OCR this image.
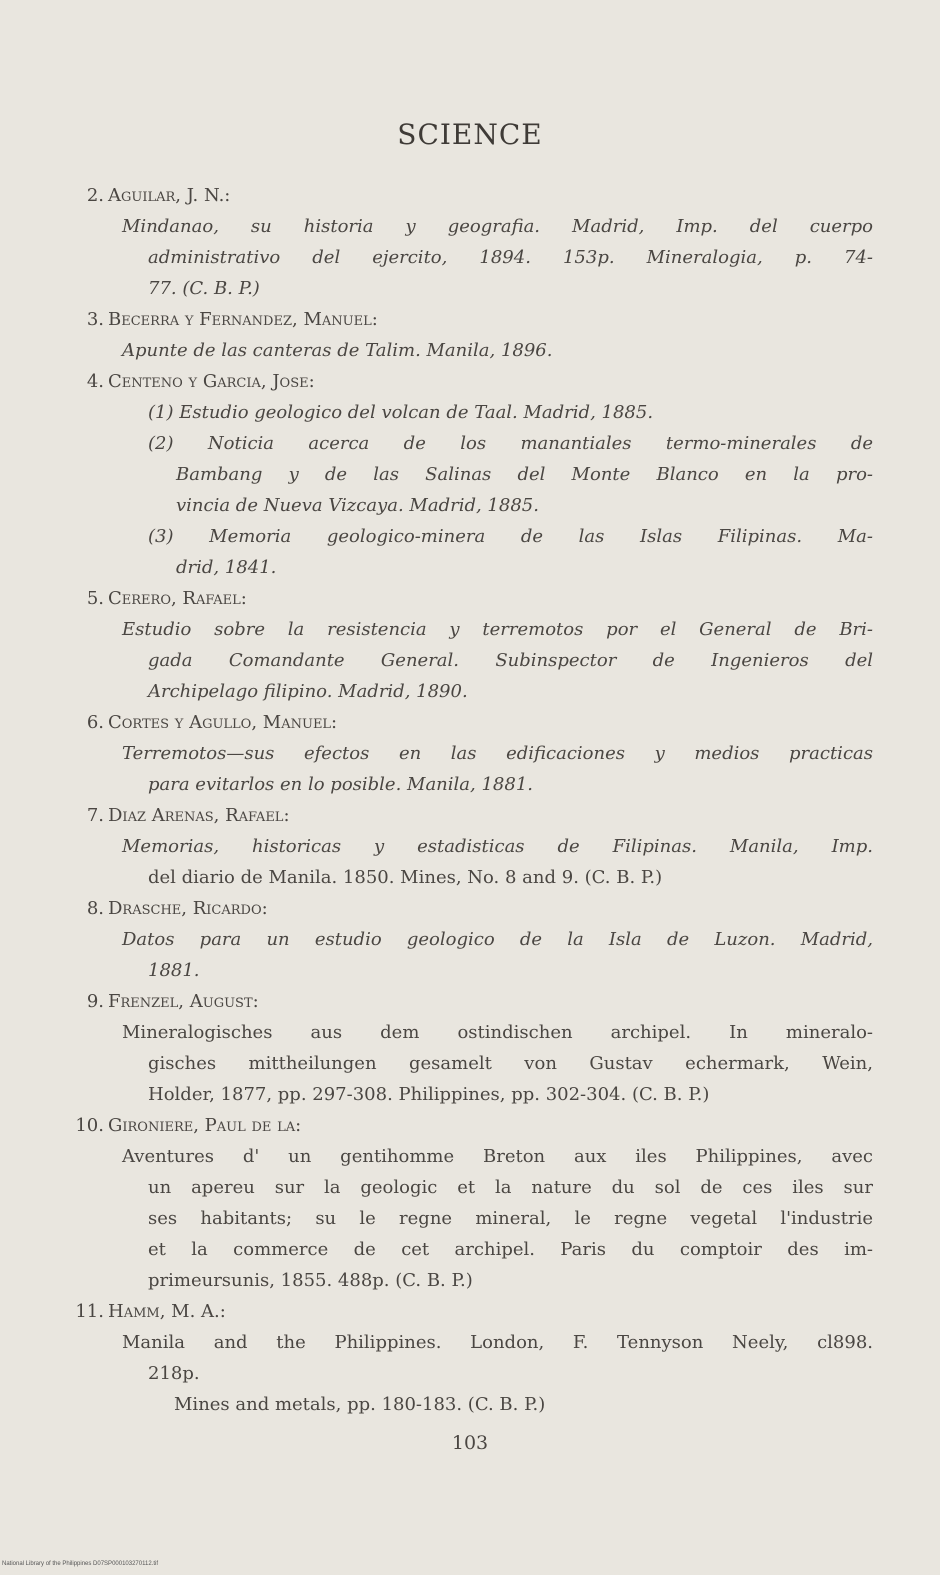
SCIENCE
2. Aguilar, J. N.:
Mindanao, su historia y geografia. Madrid, Imp. del cuerpo
administrativo del ejercito, 1894. 153p. Mineralogia, p. 74-
77. (C. B. P.)
3. Becerra y Fernandez, Manuel:
Apunte de las canteras de Talim. Manila, 1896.
4. Centeno y Garcia, Jose:
(1) Estudio geologico del volcan de Taal. Madrid, 1885.
(2) Noticia acerca de los manantiales termo-minerales de
Bambang y de las Salinas del Monte Blanco en la pro-
vincia de Nueva Vizcaya. Madrid, 1885.
(3) Memoria geologico-minera de las Islas Filipinas. Ma-
drid, 1841.
5. Cerero, Rafael:
Estudio sobre la resistencia y terremotos por el General de Bri-
gada Comandante General. Subinspector de Ingenieros del
Archipelago filipino. Madrid, 1890.
6. Cortes y Agullo, Manuel:
Terremotos—sus efectos en las edificaciones y medios practicas
para evitarlos en lo posible. Manila, 1881.
7. Diaz Arenas, Rafael:
Memorias, historicas y estadisticas de Filipinas. Manila, Imp.
del diario de Manila. 1850. Mines, No. 8 and 9. (C. B. P.)
8. Drasche, Ricardo:
Datos para un estudio geologico de la Isla de Luzon. Madrid,
1881.
9. Frenzel, August:
Mineralogisches aus dem ostindischen archipel. In mineralo-
gisches mittheilungen gesamelt von Gustav echermark, Wein,
Holder, 1877, pp. 297-308. Philippines, pp. 302-304. (C. B. P.)
10. Gironiere, Paul de la:
Aventures d' un gentihomme Breton aux iles Philippines, avec
un apereu sur la geologic et la nature du sol de ces iles sur
ses habitants; su le regne mineral, le regne vegetal l'industrie
et la commerce de cet archipel. Paris du comptoir des im-
primeursunis, 1855. 488p. (C. B. P.)
11. Hamm, M. A.:
Manila and the Philippines. London, F. Tennyson Neely, cl898.
218p.
Mines and metals, pp. 180-183. (C. B. P.)
103
National Library of the Philippines D07SP000103270112.tif
